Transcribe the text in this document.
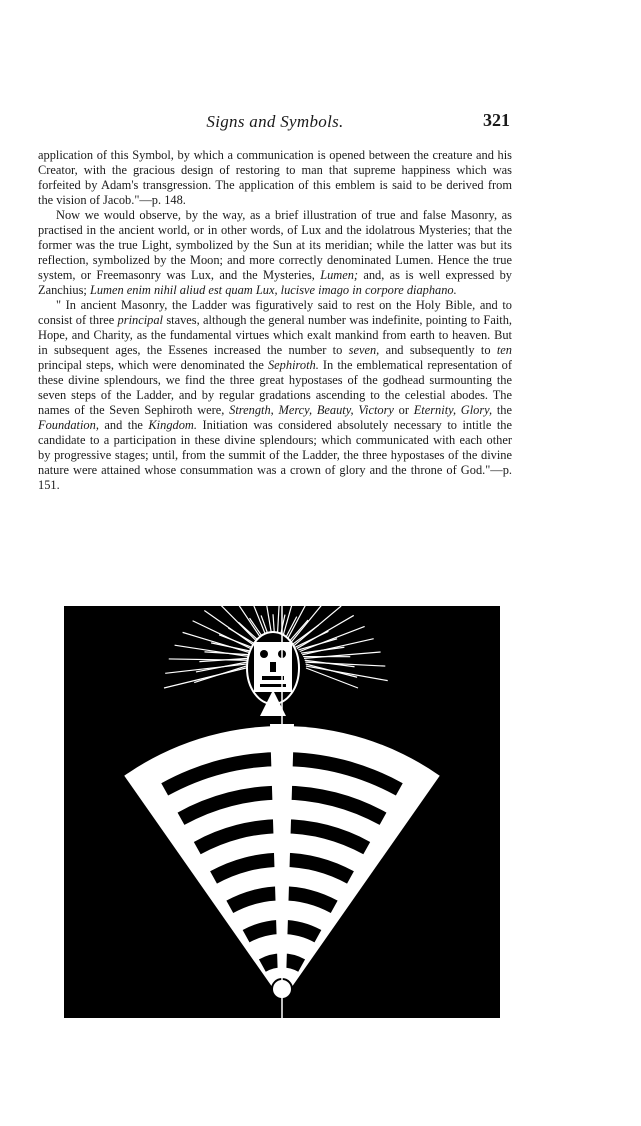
Signs and Symbols.	321

application of this Symbol, by which a communication is opened between the creature and his Creator, with the gracious design of restoring to man that supreme happiness which was forfeited by Adam's transgression. The application of this emblem is said to be derived from the vision of Jacob."—p. 148.

Now we would observe, by the way, as a brief illustration of true and false Masonry, as practised in the ancient world, or in other words, of Lux and the idolatrous Mysteries; that the former was the true Light, symbolized by the Sun at its meridian; while the latter was but its reflection, symbolized by the Moon; and more correctly denominated Lumen. Hence the true system, or Freemasonry was Lux, and the Mysteries, Lumen; and, as is well expressed by Zanchius; Lumen enim nihil aliud est quam Lux, lucisve imago in corpore diaphano.

" In ancient Masonry, the Ladder was figuratively said to rest on the Holy Bible, and to consist of three principal staves, although the general number was indefinite, pointing to Faith, Hope, and Charity, as the fundamental virtues which exalt mankind from earth to heaven. But in subsequent ages, the Essenes increased the number to seven, and subsequently to ten principal steps, which were denominated the Sephiroth. In the emblematical representation of these divine splendours, we find the three great hypostases of the godhead surmounting the seven steps of the Ladder, and by regular gradations ascending to the celestial abodes. The names of the Seven Sephiroth were, Strength, Mercy, Beauty, Victory or Eternity, Glory, the Foundation, and the Kingdom. Initiation was considered absolutely necessary to intitle the candidate to a participation in these divine splendours; which communicated with each other by progressive stages; until, from the summit of the Ladder, the three hypostases of the divine nature were attained whose consummation was a crown of glory and the throne of God."—p. 151.
